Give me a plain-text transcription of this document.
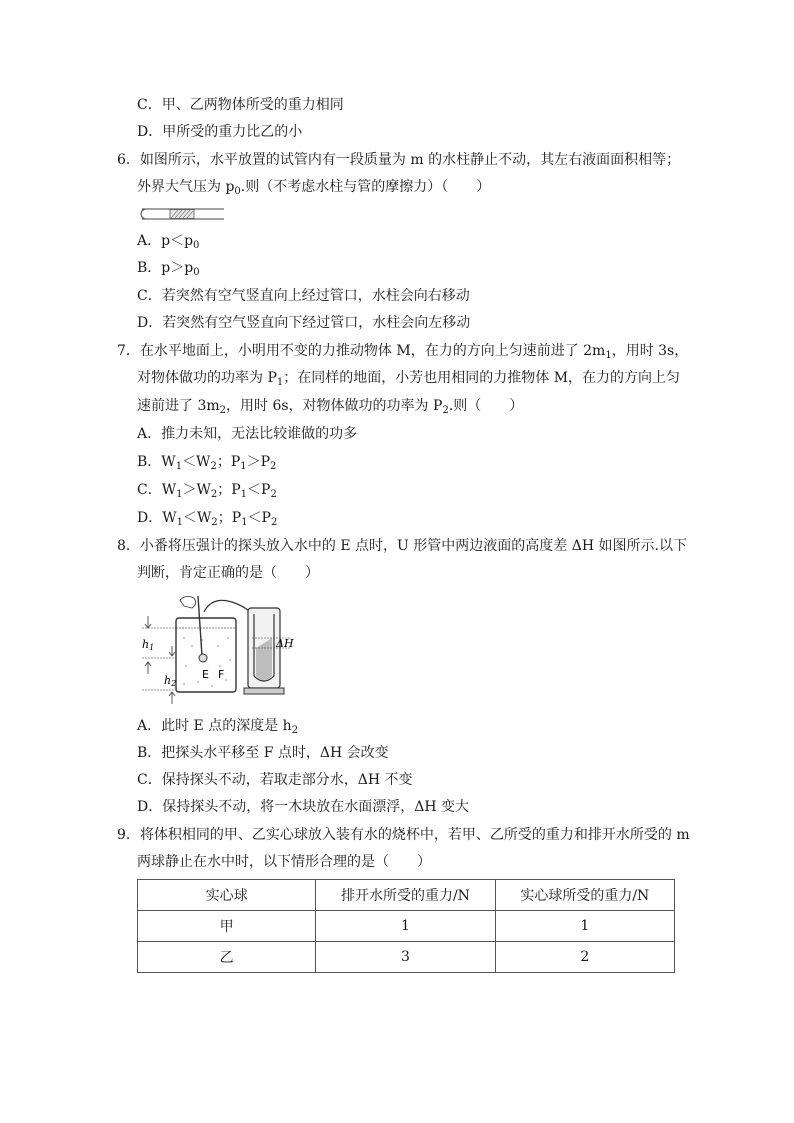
C．甲、乙两物体所受的重力相同
D．甲所受的重力比乙的小
6．如图所示，水平放置的试管内有一段质量为 m 的水柱静止不动，其左右液面面积相等；
外界大气压为 $p_0$.则（不考虑水柱与管的摩擦力）（　　）
A．$p<p_0$
B．$p>p_0$
C．若突然有空气竖直向上经过管口，水柱会向右移动
D．若突然有空气竖直向下经过管口，水柱会向左移动
7．在水平地面上，小明用不变的力推动物体 M，在力的方向上匀速前进了 $2m_1$，用时 3s，
对物体做功的功率为 $P_1$；在同样的地面，小芳也用相同的力推物体 M，在力的方向上匀
速前进了 $3m_2$，用时 6s，对物体做功的功率为 $P_2$.则（　　）
A．推力未知，无法比较谁做的功多
B．$W_1<W_2$；$P_1>P_2$
C．$W_1>W_2$；$P_1<P_2$
D．$W_1<W_2$；$P_1<P_2$
8．小番将压强计的探头放入水中的 E 点时，U 形管中两边液面的高度差 ΔH 如图所示.以下
判断，肯定正确的是（　　）
h1
h2
E F
ΔH
A．此时 E 点的深度是 $h_2$
B．把探头水平移至 F 点时，ΔH 会改变
C．保持探头不动，若取走部分水，ΔH 不变
D．保持探头不动，将一木块放在水面漂浮，ΔH 变大
9．将体积相同的甲、乙实心球放入装有水的烧杯中，若甲、乙所受的重力和排开水所受的 m
两球静止在水中时，以下情形合理的是（　　）
实心球	排开水所受的重力/N	实心球所受的重力/N
甲	1	1
乙	3	2
